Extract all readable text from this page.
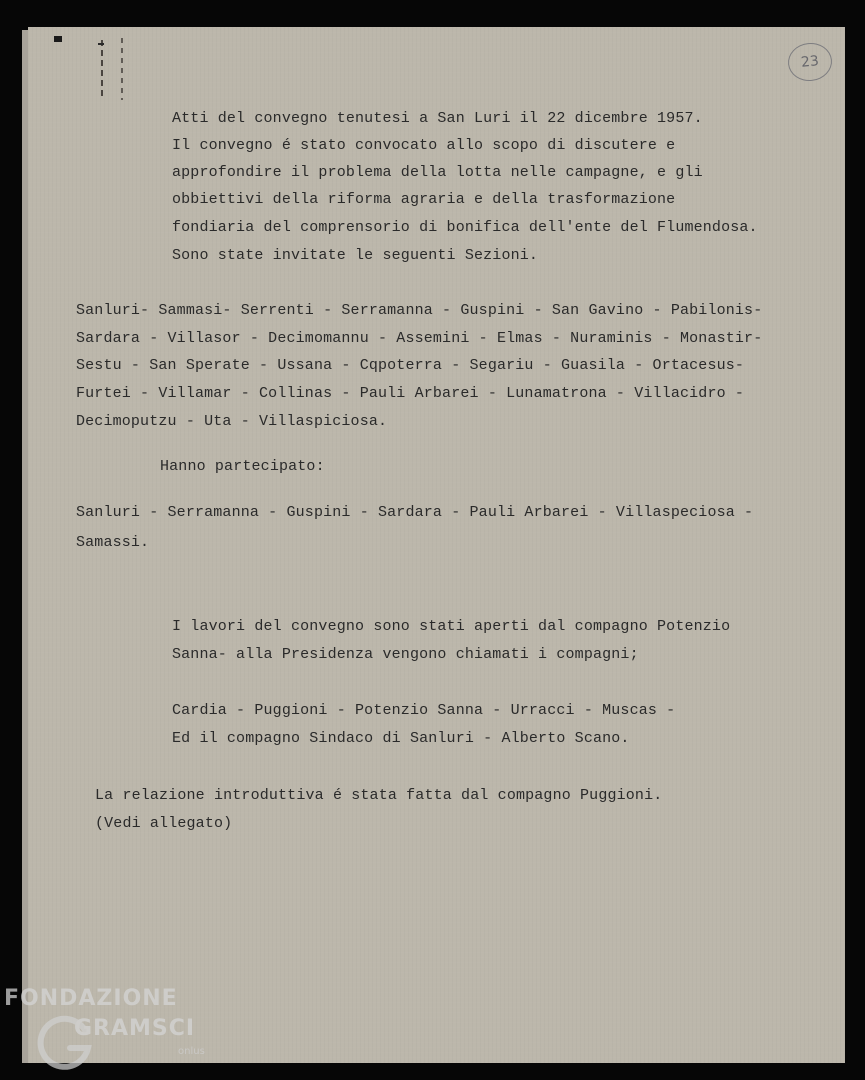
23

Atti del convegno tenutesi a San Luri il 22 dicembre 1957.

Il convegno é stato convocato allo scopo di discutere e

approfondire il problema della lotta nelle campagne, e gli

obbiettivi della riforma agraria e della trasformazione

fondiaria del comprensorio di bonifica dell'ente del Flumendosa.

Sono state invitate le seguenti Sezioni.

Sanluri- Sammasi- Serrenti - Serramanna - Guspini - San Gavino - Pabilonis-

Sardara - Villasor - Decimomannu - Assemini - Elmas - Nuraminis - Monastir-

Sestu - San Sperate - Ussana - Cqpoterra - Segariu - Guasila - Ortacesus-

Furtei - Villamar - Collinas - Pauli Arbarei - Lunamatrona - Villacidro -

Decimoputzu - Uta - Villaspiciosa.

Hanno partecipato:

Sanluri - Serramanna - Guspini - Sardara - Pauli Arbarei - Villaspeciosa -

Samassi.

I lavori del convegno sono stati aperti dal compagno Potenzio

Sanna- alla Presidenza vengono chiamati i compagni;

Cardia - Puggioni - Potenzio Sanna - Urracci - Muscas -

Ed il compagno Sindaco di Sanluri - Alberto Scano.

La relazione introduttiva é stata fatta dal compagno Puggioni.

(Vedi allegato)

FONDAZIONE
GRAMSCI
onlus
